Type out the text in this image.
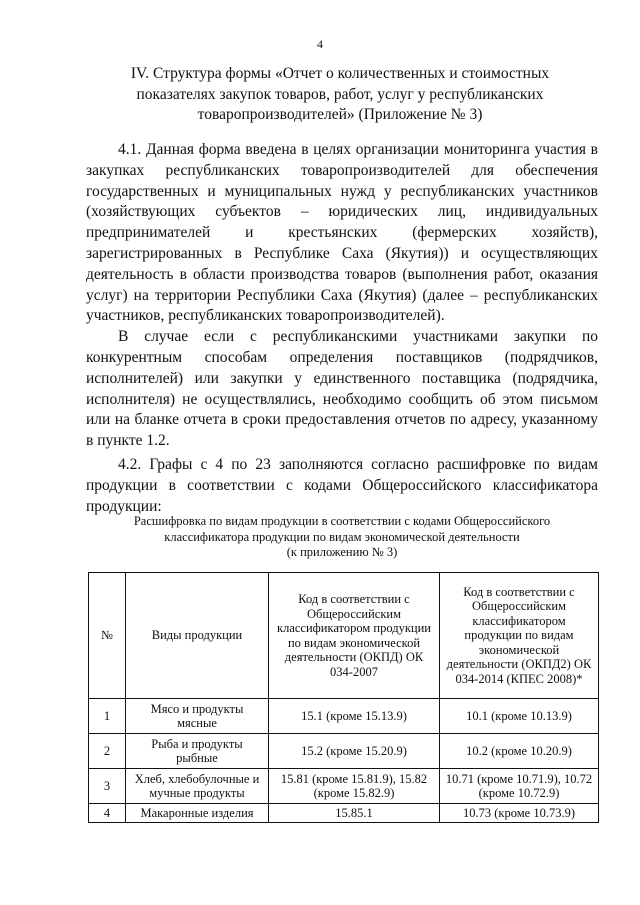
4
IV. Структура формы «Отчет о количественных и стоимостных
показателях закупок товаров, работ, услуг у республиканских
товаропроизводителей» (Приложение № 3)

4.1. Данная форма введена в целях организации мониторинга участия в закупках республиканских товаропроизводителей для обеспечения государственных и муниципальных нужд у республиканских участников (хозяйствующих субъектов – юридических лиц, индивидуальных предпринимателей и крестьянских (фермерских хозяйств), зарегистрированных в Республике Саха (Якутия)) и осуществляющих деятельность в области производства товаров (выполнения работ, оказания услуг) на территории Республики Саха (Якутия) (далее – республиканских участников, республиканских товаропроизводителей).

В случае если с республиканскими участниками закупки по конкурентным способам определения поставщиков (подрядчиков, исполнителей) или закупки у единственного поставщика (подрядчика, исполнителя) не осуществлялись, необходимо сообщить об этом письмом или на бланке отчета в сроки предоставления отчетов по адресу, указанному в пункте 1.2.

4.2. Графы с 4 по 23 заполняются согласно расшифровке по видам продукции в соответствии с кодами Общероссийского классификатора продукции:

Расшифровка по видам продукции в соответствии с кодами Общероссийского
классификатора продукции по видам экономической деятельности
(к приложению № 3)
№	Виды продукции	Код в соответствии с Общероссийским классификатором продукции по видам экономической деятельности (ОКПД) ОК 034-2007	Код в соответствии с Общероссийским классификатором продукции по видам экономической деятельности (ОКПД2) ОК 034-2014 (КПЕС 2008)*
1	Мясо и продукты мясные	15.1 (кроме 15.13.9)	10.1 (кроме 10.13.9)
2	Рыба и продукты рыбные	15.2 (кроме 15.20.9)	10.2 (кроме 10.20.9)
3	Хлеб, хлебобулочные и мучные продукты	15.81 (кроме 15.81.9), 15.82 (кроме 15.82.9)	10.71 (кроме 10.71.9), 10.72 (кроме 10.72.9)
4	Макаронные изделия	15.85.1	10.73 (кроме 10.73.9)
